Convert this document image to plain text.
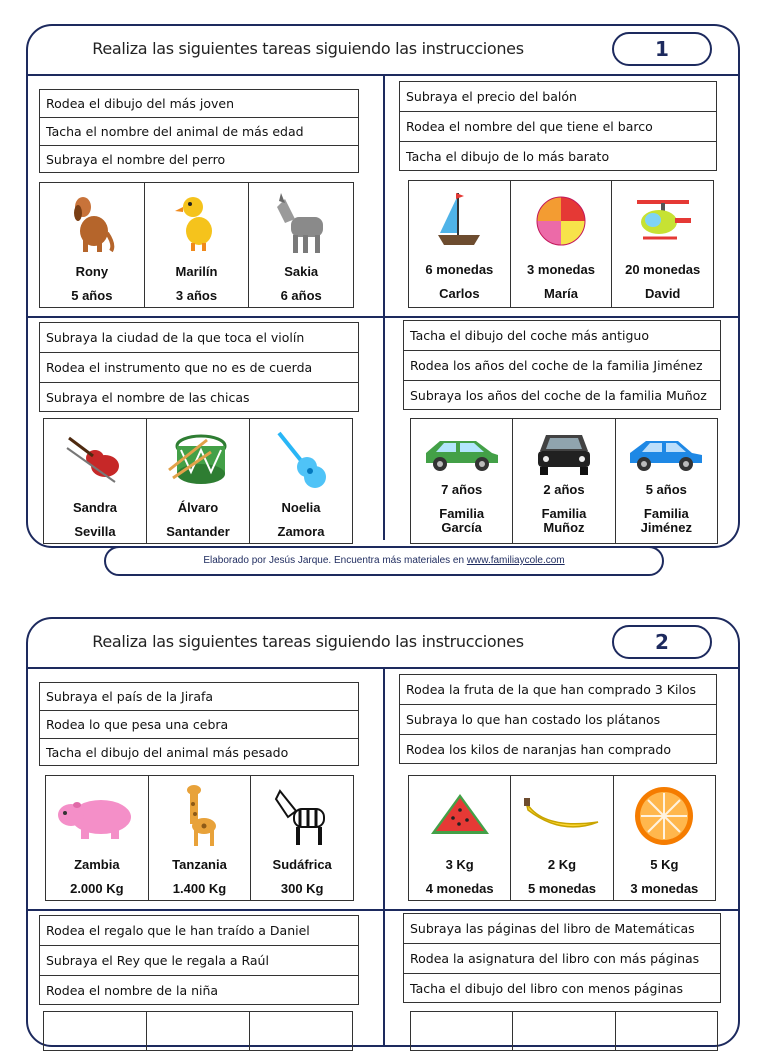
Realiza las siguientes tareas siguiendo las instrucciones	1
Rodea el dibujo del más joven
Tacha el nombre del animal de más edad
Subraya el nombre del perro
Rony
5 años
Marilín
3 años
Sakia
6 años
Subraya el precio del balón
Rodea el nombre del que tiene el barco
Tacha el dibujo de lo más barato
6 monedas
Carlos
3 monedas
María
20 monedas
David
Subraya la ciudad de la que toca el violín
Rodea el instrumento que no es de cuerda
Subraya el nombre de las chicas
Sandra
Sevilla
Álvaro
Santander
Noelia
Zamora
Tacha el dibujo del coche más antiguo
Rodea los años del coche de la familia Jiménez
Subraya los años del coche de la familia Muñoz
7 años
Familia
García
2 años
Familia
Muñoz
5 años
Familia
Jiménez
Elaborado por Jesús Jarque. Encuentra más materiales en www.familiaycole.com
Realiza las siguientes tareas siguiendo las instrucciones	2
Subraya el país de la Jirafa
Rodea lo que pesa una cebra
Tacha el dibujo del animal más pesado
Zambia
2.000 Kg
Tanzania
1.400 Kg
Sudáfrica
300 Kg
Rodea la fruta de la que han comprado 3 Kilos
Subraya lo que han costado los plátanos
Rodea los kilos de naranjas han comprado
3 Kg
4 monedas
2 Kg
5 monedas
5 Kg
3 monedas
Rodea el regalo que le han traído a Daniel
Subraya el Rey que le regala a Raúl
Rodea el nombre de la niña
Subraya las páginas del libro de Matemáticas
Rodea la asignatura del libro con más páginas
Tacha el dibujo del libro con menos páginas
